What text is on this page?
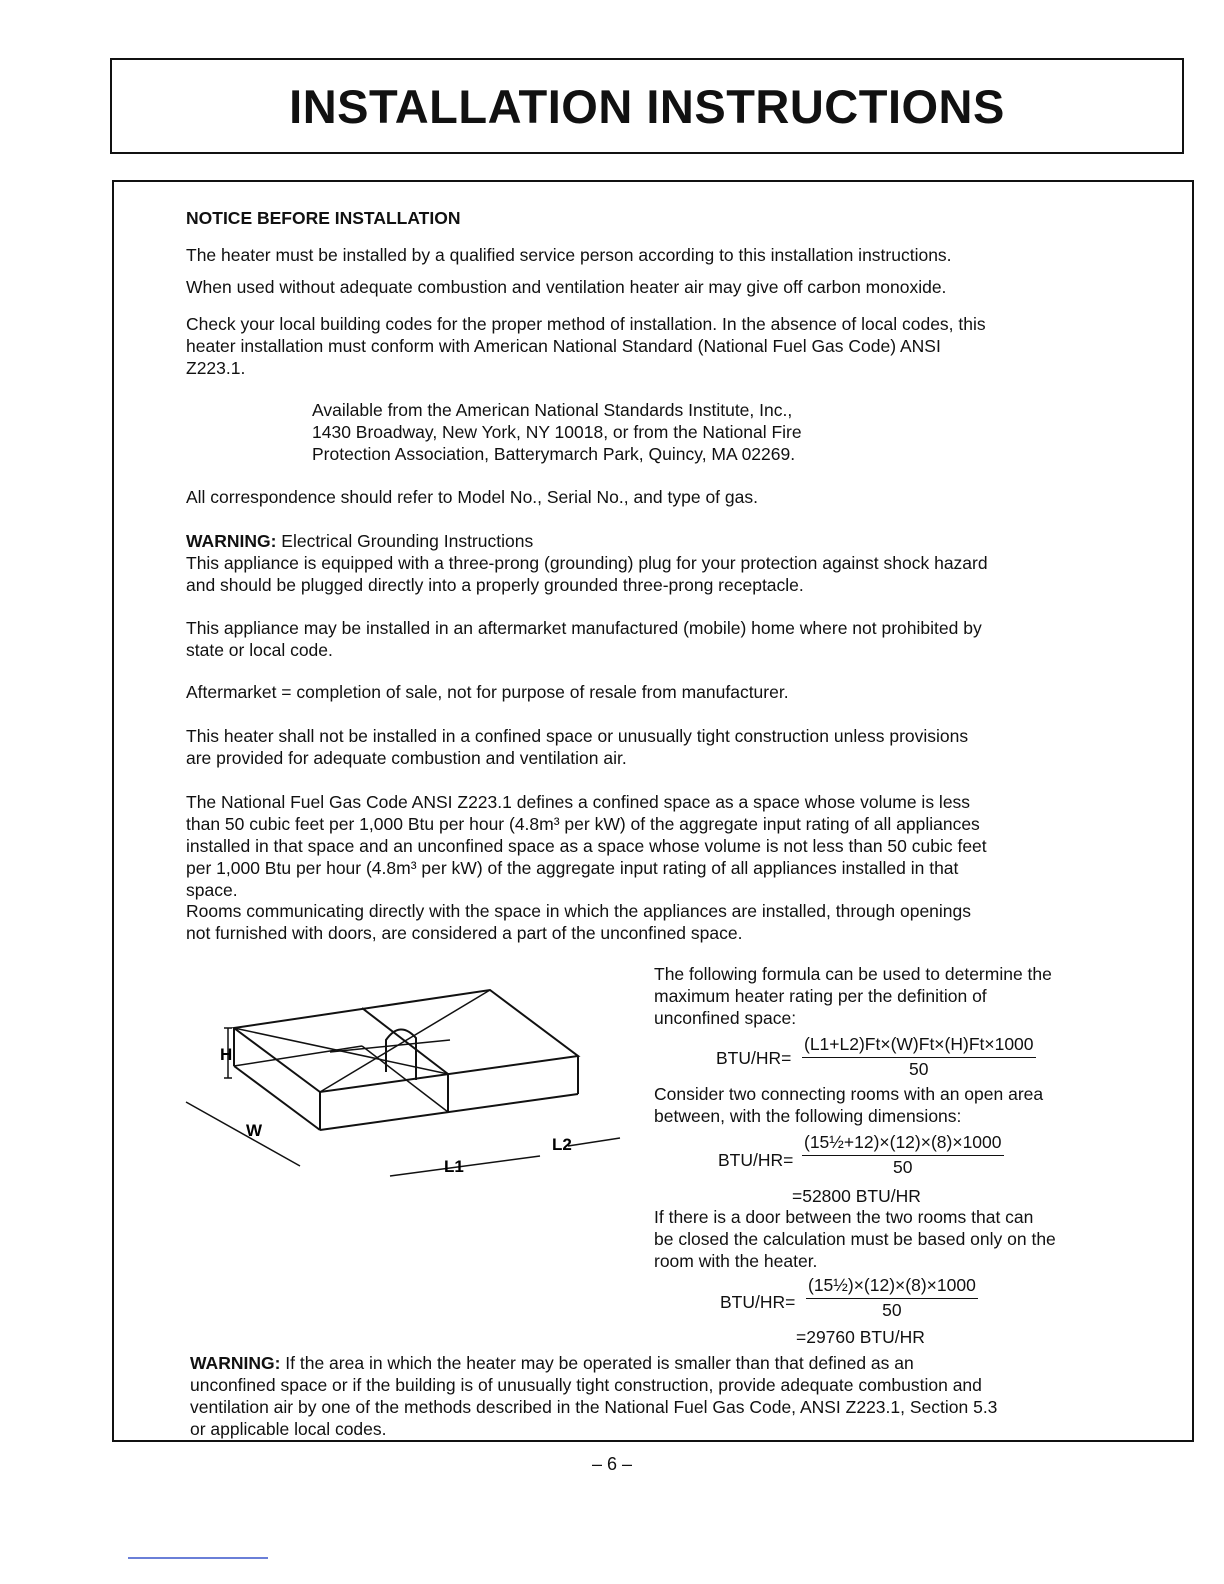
INSTALLATION INSTRUCTIONS

NOTICE BEFORE INSTALLATION

The heater must be installed by a qualified service person according to this installation instructions.

When used without adequate combustion and ventilation heater air may give off carbon monoxide.

Check your local building codes for the proper method of installation. In the absence of local codes, this

heater installation must conform with American National Standard (National Fuel Gas Code) ANSI

Z223.1.

Available from the American National Standards Institute, Inc.,

1430 Broadway, New York, NY 10018, or from the National Fire

Protection Association, Batterymarch Park, Quincy, MA 02269.

All correspondence should refer to Model No., Serial No., and type of gas.

WARNING: Electrical Grounding Instructions

This appliance is equipped with a three-prong (grounding) plug for your protection against shock hazard

and should be plugged directly into a properly grounded three-prong receptacle.

This appliance may be installed in an aftermarket manufactured (mobile) home where not prohibited by

state or local code.

Aftermarket = completion of sale, not for purpose of resale from manufacturer.

This heater shall not be installed in a confined space or unusually tight construction unless provisions

are provided for adequate combustion and ventilation air.

The National Fuel Gas Code ANSI Z223.1 defines a confined space as a space whose volume is less

than 50 cubic feet per 1,000 Btu per hour (4.8m³ per kW) of the aggregate input rating of all appliances

installed in that space and an unconfined space as a space whose volume is not less than 50 cubic feet

per 1,000 Btu per hour (4.8m³ per kW) of the aggregate input rating of all appliances installed in that

space.

Rooms communicating directly with the space in which the appliances are installed, through openings

not furnished with doors, are considered a part of the unconfined space.

H
W
L1
L2

The following formula can be used to determine the

maximum heater rating per the definition of

unconfined space:

$BTU/HR= \frac{(L1+L2)Ft\times(W)Ft\times(H)Ft\times 1000}{50}$

Consider two connecting rooms with an open area

between, with the following dimensions:

$BTU/HR= \frac{\text{(15½+12)×(12)×(8)×1000}}{50}$
=52800 BTU/HR

If there is a door between the two rooms that can

be closed the calculation must be based only on the

room with the heater.

$BTU/HR= \frac{\text{(15½)×(12)×(8)×1000}}{50}$
=29760 BTU/HR

WARNING: If the area in which the heater may be operated is smaller than that defined as an

unconfined space or if the building is of unusually tight construction, provide adequate combustion and

ventilation air by one of the methods described in the National Fuel Gas Code, ANSI Z223.1, Section 5.3

or applicable local codes.

– 6 –
